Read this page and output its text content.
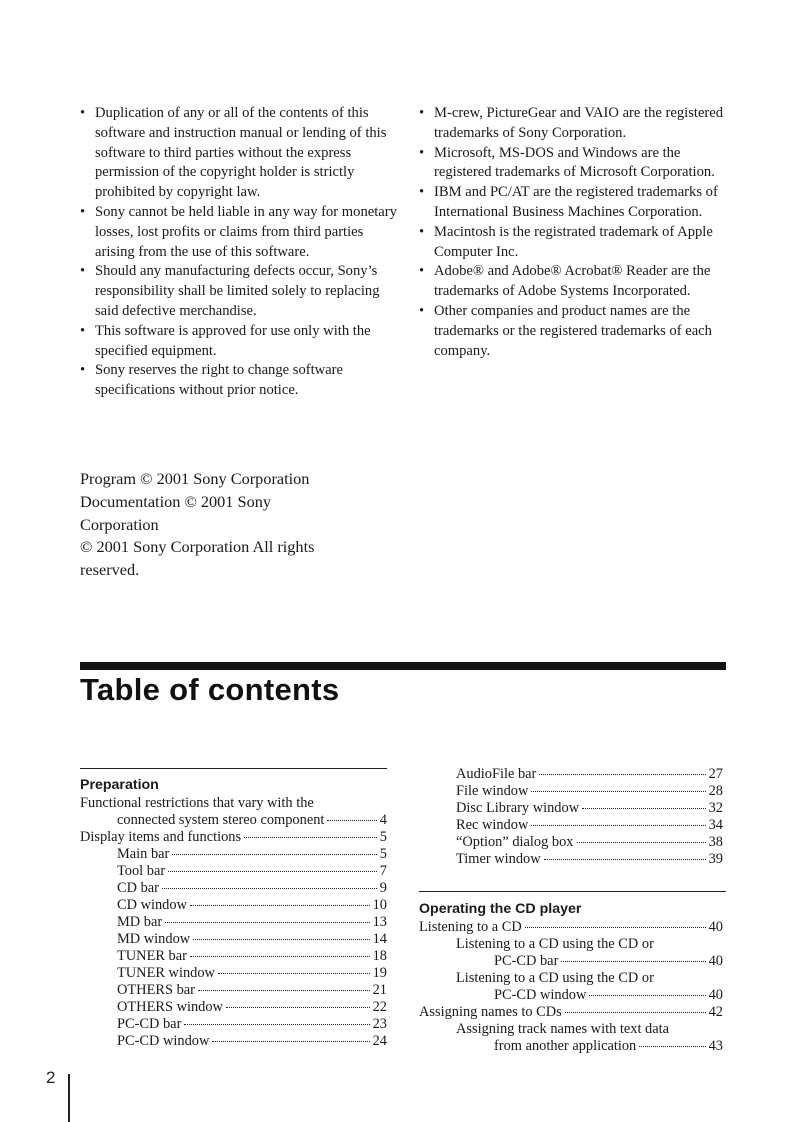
• Duplication of any or all of the contents of this software and instruction manual or lending of this software to third parties without the express permission of the copyright holder is strictly prohibited by copyright law.
• Sony cannot be held liable in any way for monetary losses, lost profits or claims from third parties arising from the use of this software.
• Should any manufacturing defects occur, Sony’s responsibility shall be limited solely to replacing said defective merchandise.
• This software is approved for use only with the specified equipment.
• Sony reserves the right to change software specifications without prior notice.
• M-crew, PictureGear and VAIO are the registered trademarks of Sony Corporation.
• Microsoft, MS-DOS and Windows are the registered trademarks of Microsoft Corporation.
• IBM and PC/AT are the registered trademarks of International Business Machines Corporation.
• Macintosh is the registrated trademark of Apple Computer Inc.
• Adobe® and Adobe® Acrobat® Reader are the trademarks of Adobe Systems Incorporated.
• Other companies and product names are the trademarks or the registered trademarks of each company.
Program © 2001 Sony Corporation
Documentation © 2001 Sony
Corporation
© 2001 Sony Corporation All rights
reserved.
Table of contents
Preparation
Functional restrictions that vary with the
connected system stereo component	4
Display items and functions	5
Main bar	5
Tool bar	7
CD bar	9
CD window	10
MD bar	13
MD window	14
TUNER bar	18
TUNER window	19
OTHERS bar	21
OTHERS window	22
PC-CD bar	23
PC-CD window	24
AudioFile bar	27
File window	28
Disc Library window	32
Rec window	34
“Option” dialog box	38
Timer window	39
Operating the CD player
Listening to a CD	40
Listening to a CD using the CD or
PC-CD bar	40
Listening to a CD using the CD or
PC-CD window	40
Assigning names to CDs	42
Assigning track names with text data
from another application	43
2
